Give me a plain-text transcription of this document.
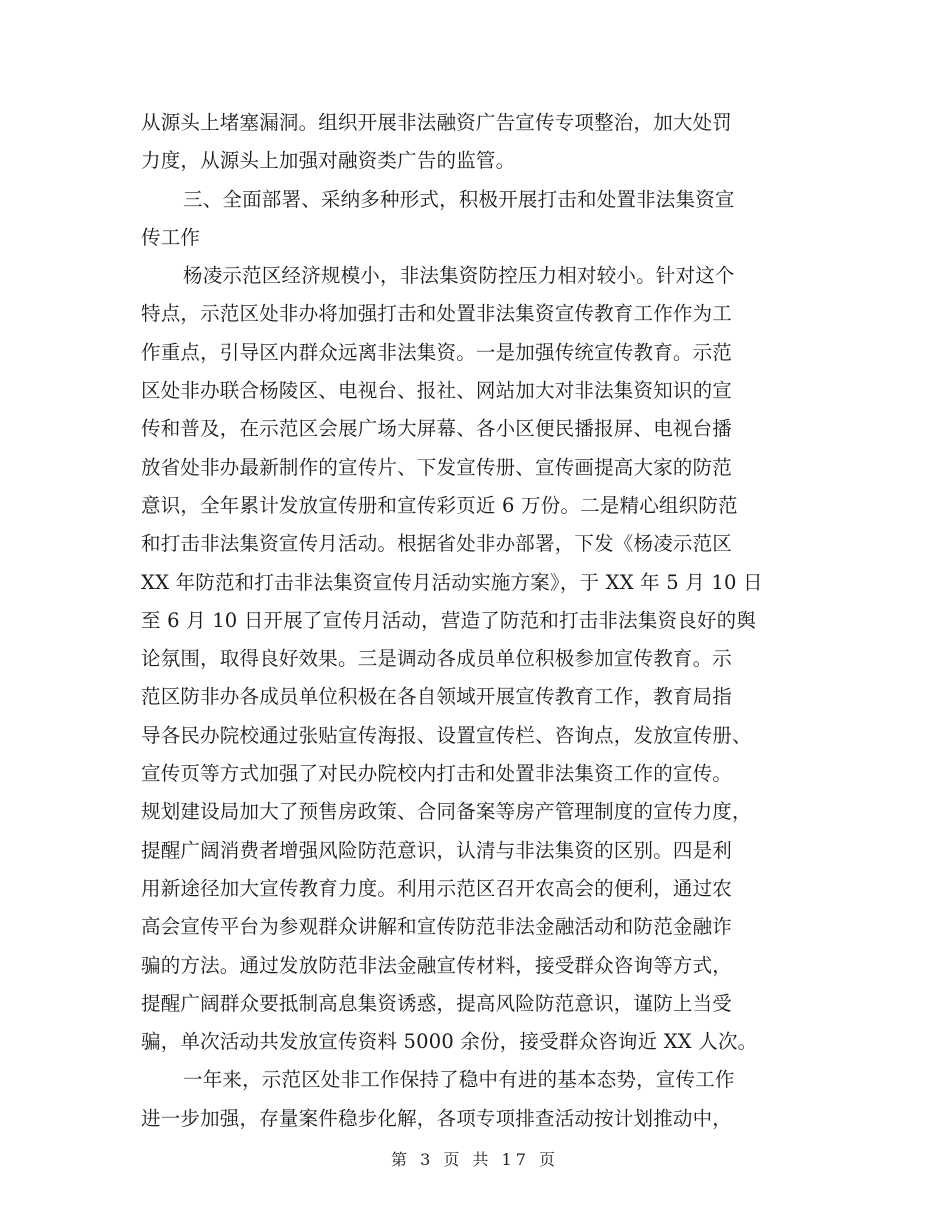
从源头上堵塞漏洞。组织开展非法融资广告宣传专项整治，加大处罚
力度，从源头上加强对融资类广告的监管。
三、全面部署、采纳多种形式，积极开展打击和处置非法集资宣
传工作
杨凌示范区经济规模小，非法集资防控压力相对较小。针对这个
特点，示范区处非办将加强打击和处置非法集资宣传教育工作作为工
作重点，引导区内群众远离非法集资。一是加强传统宣传教育。示范
区处非办联合杨陵区、电视台、报社、网站加大对非法集资知识的宣
传和普及，在示范区会展广场大屏幕、各小区便民播报屏、电视台播
放省处非办最新制作的宣传片、下发宣传册、宣传画提高大家的防范
意识，全年累计发放宣传册和宣传彩页近 6 万份。二是精心组织防范
和打击非法集资宣传月活动。根据省处非办部署，下发《杨凌示范区
XX 年防范和打击非法集资宣传月活动实施方案》，于 XX 年 5 月 10 日
至 6 月 10 日开展了宣传月活动，营造了防范和打击非法集资良好的舆
论氛围，取得良好效果。三是调动各成员单位积极参加宣传教育。示
范区防非办各成员单位积极在各自领域开展宣传教育工作，教育局指
导各民办院校通过张贴宣传海报、设置宣传栏、咨询点，发放宣传册、
宣传页等方式加强了对民办院校内打击和处置非法集资工作的宣传。
规划建设局加大了预售房政策、合同备案等房产管理制度的宣传力度，
提醒广阔消费者增强风险防范意识，认清与非法集资的区别。四是利
用新途径加大宣传教育力度。利用示范区召开农高会的便利，通过农
高会宣传平台为参观群众讲解和宣传防范非法金融活动和防范金融诈
骗的方法。通过发放防范非法金融宣传材料，接受群众咨询等方式，
提醒广阔群众要抵制高息集资诱惑，提高风险防范意识，谨防上当受
骗，单次活动共发放宣传资料 5000 余份，接受群众咨询近 XX 人次。
一年来，示范区处非工作保持了稳中有进的基本态势，宣传工作
进一步加强，存量案件稳步化解，各项专项排查活动按计划推动中，
第 3 页 共 17 页
